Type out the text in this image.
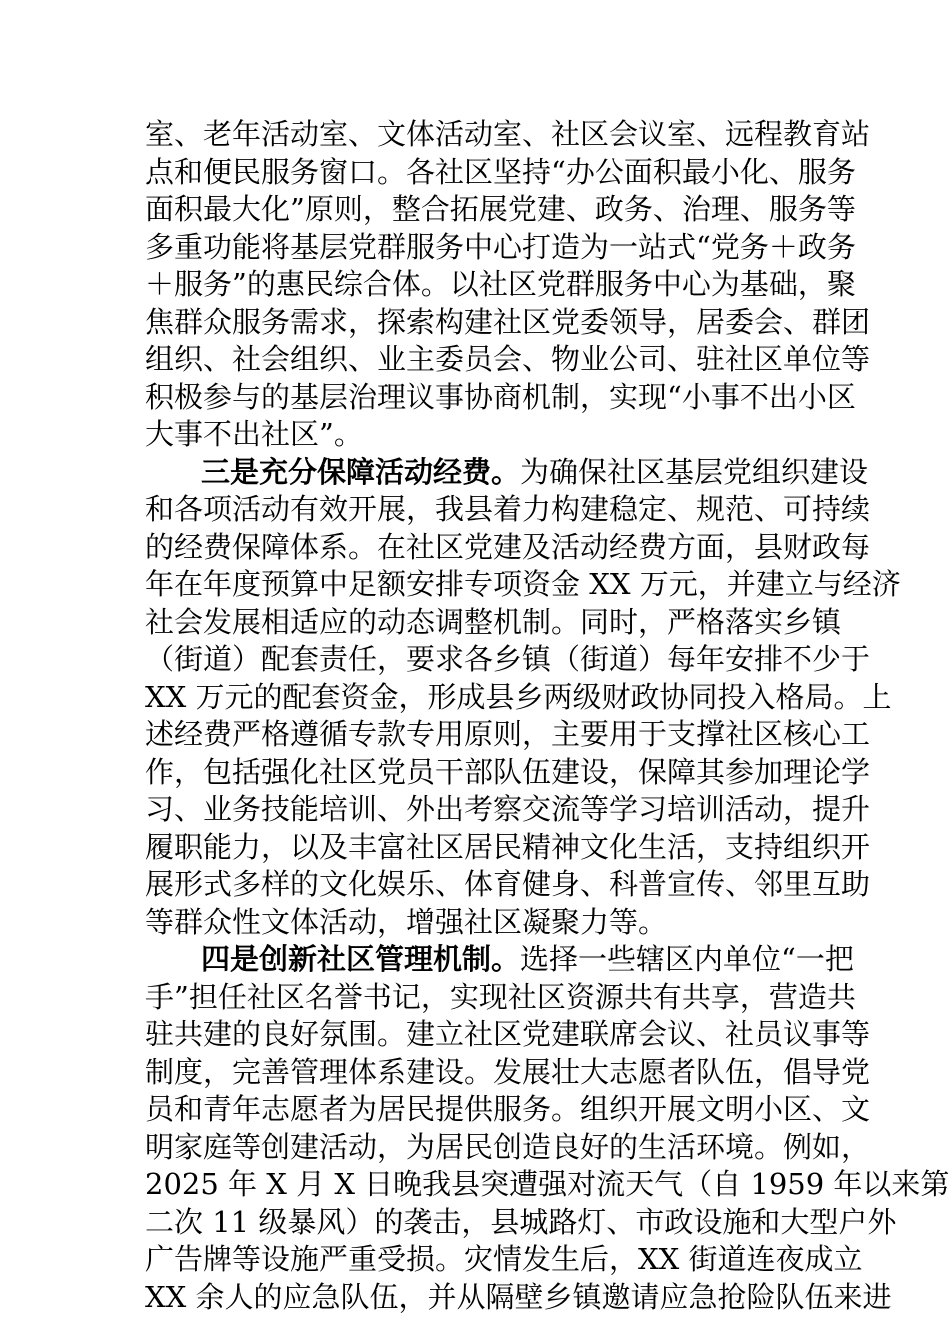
室、老年活动室、文体活动室、社区会议室、远程教育站
点和便民服务窗口。各社区坚持“办公面积最小化、服务
面积最大化”原则，整合拓展党建、政务、治理、服务等
多重功能将基层党群服务中心打造为一站式“党务＋政务
＋服务”的惠民综合体。以社区党群服务中心为基础，聚
焦群众服务需求，探索构建社区党委领导，居委会、群团
组织、社会组织、业主委员会、物业公司、驻社区单位等
积极参与的基层治理议事协商机制，实现“小事不出小区
大事不出社区”。
三是充分保障活动经费。为确保社区基层党组织建设
和各项活动有效开展，我县着力构建稳定、规范、可持续
的经费保障体系。在社区党建及活动经费方面，县财政每
年在年度预算中足额安排专项资金 XX 万元，并建立与经济
社会发展相适应的动态调整机制。同时，严格落实乡镇
（街道）配套责任，要求各乡镇（街道）每年安排不少于
XX 万元的配套资金，形成县乡两级财政协同投入格局。上
述经费严格遵循专款专用原则，主要用于支撑社区核心工
作，包括强化社区党员干部队伍建设，保障其参加理论学
习、业务技能培训、外出考察交流等学习培训活动，提升
履职能力，以及丰富社区居民精神文化生活，支持组织开
展形式多样的文化娱乐、体育健身、科普宣传、邻里互助
等群众性文体活动，增强社区凝聚力等。
四是创新社区管理机制。选择一些辖区内单位“一把
手”担任社区名誉书记，实现社区资源共有共享，营造共
驻共建的良好氛围。建立社区党建联席会议、社员议事等
制度，完善管理体系建设。发展壮大志愿者队伍，倡导党
员和青年志愿者为居民提供服务。组织开展文明小区、文
明家庭等创建活动，为居民创造良好的生活环境。例如，
2025 年 X 月 X 日晚我县突遭强对流天气（自 1959 年以来第
二次 11 级暴风）的袭击，县城路灯、市政设施和大型户外
广告牌等设施严重受损。灾情发生后，XX 街道连夜成立
XX 余人的应急队伍，并从隔壁乡镇邀请应急抢险队伍来进
